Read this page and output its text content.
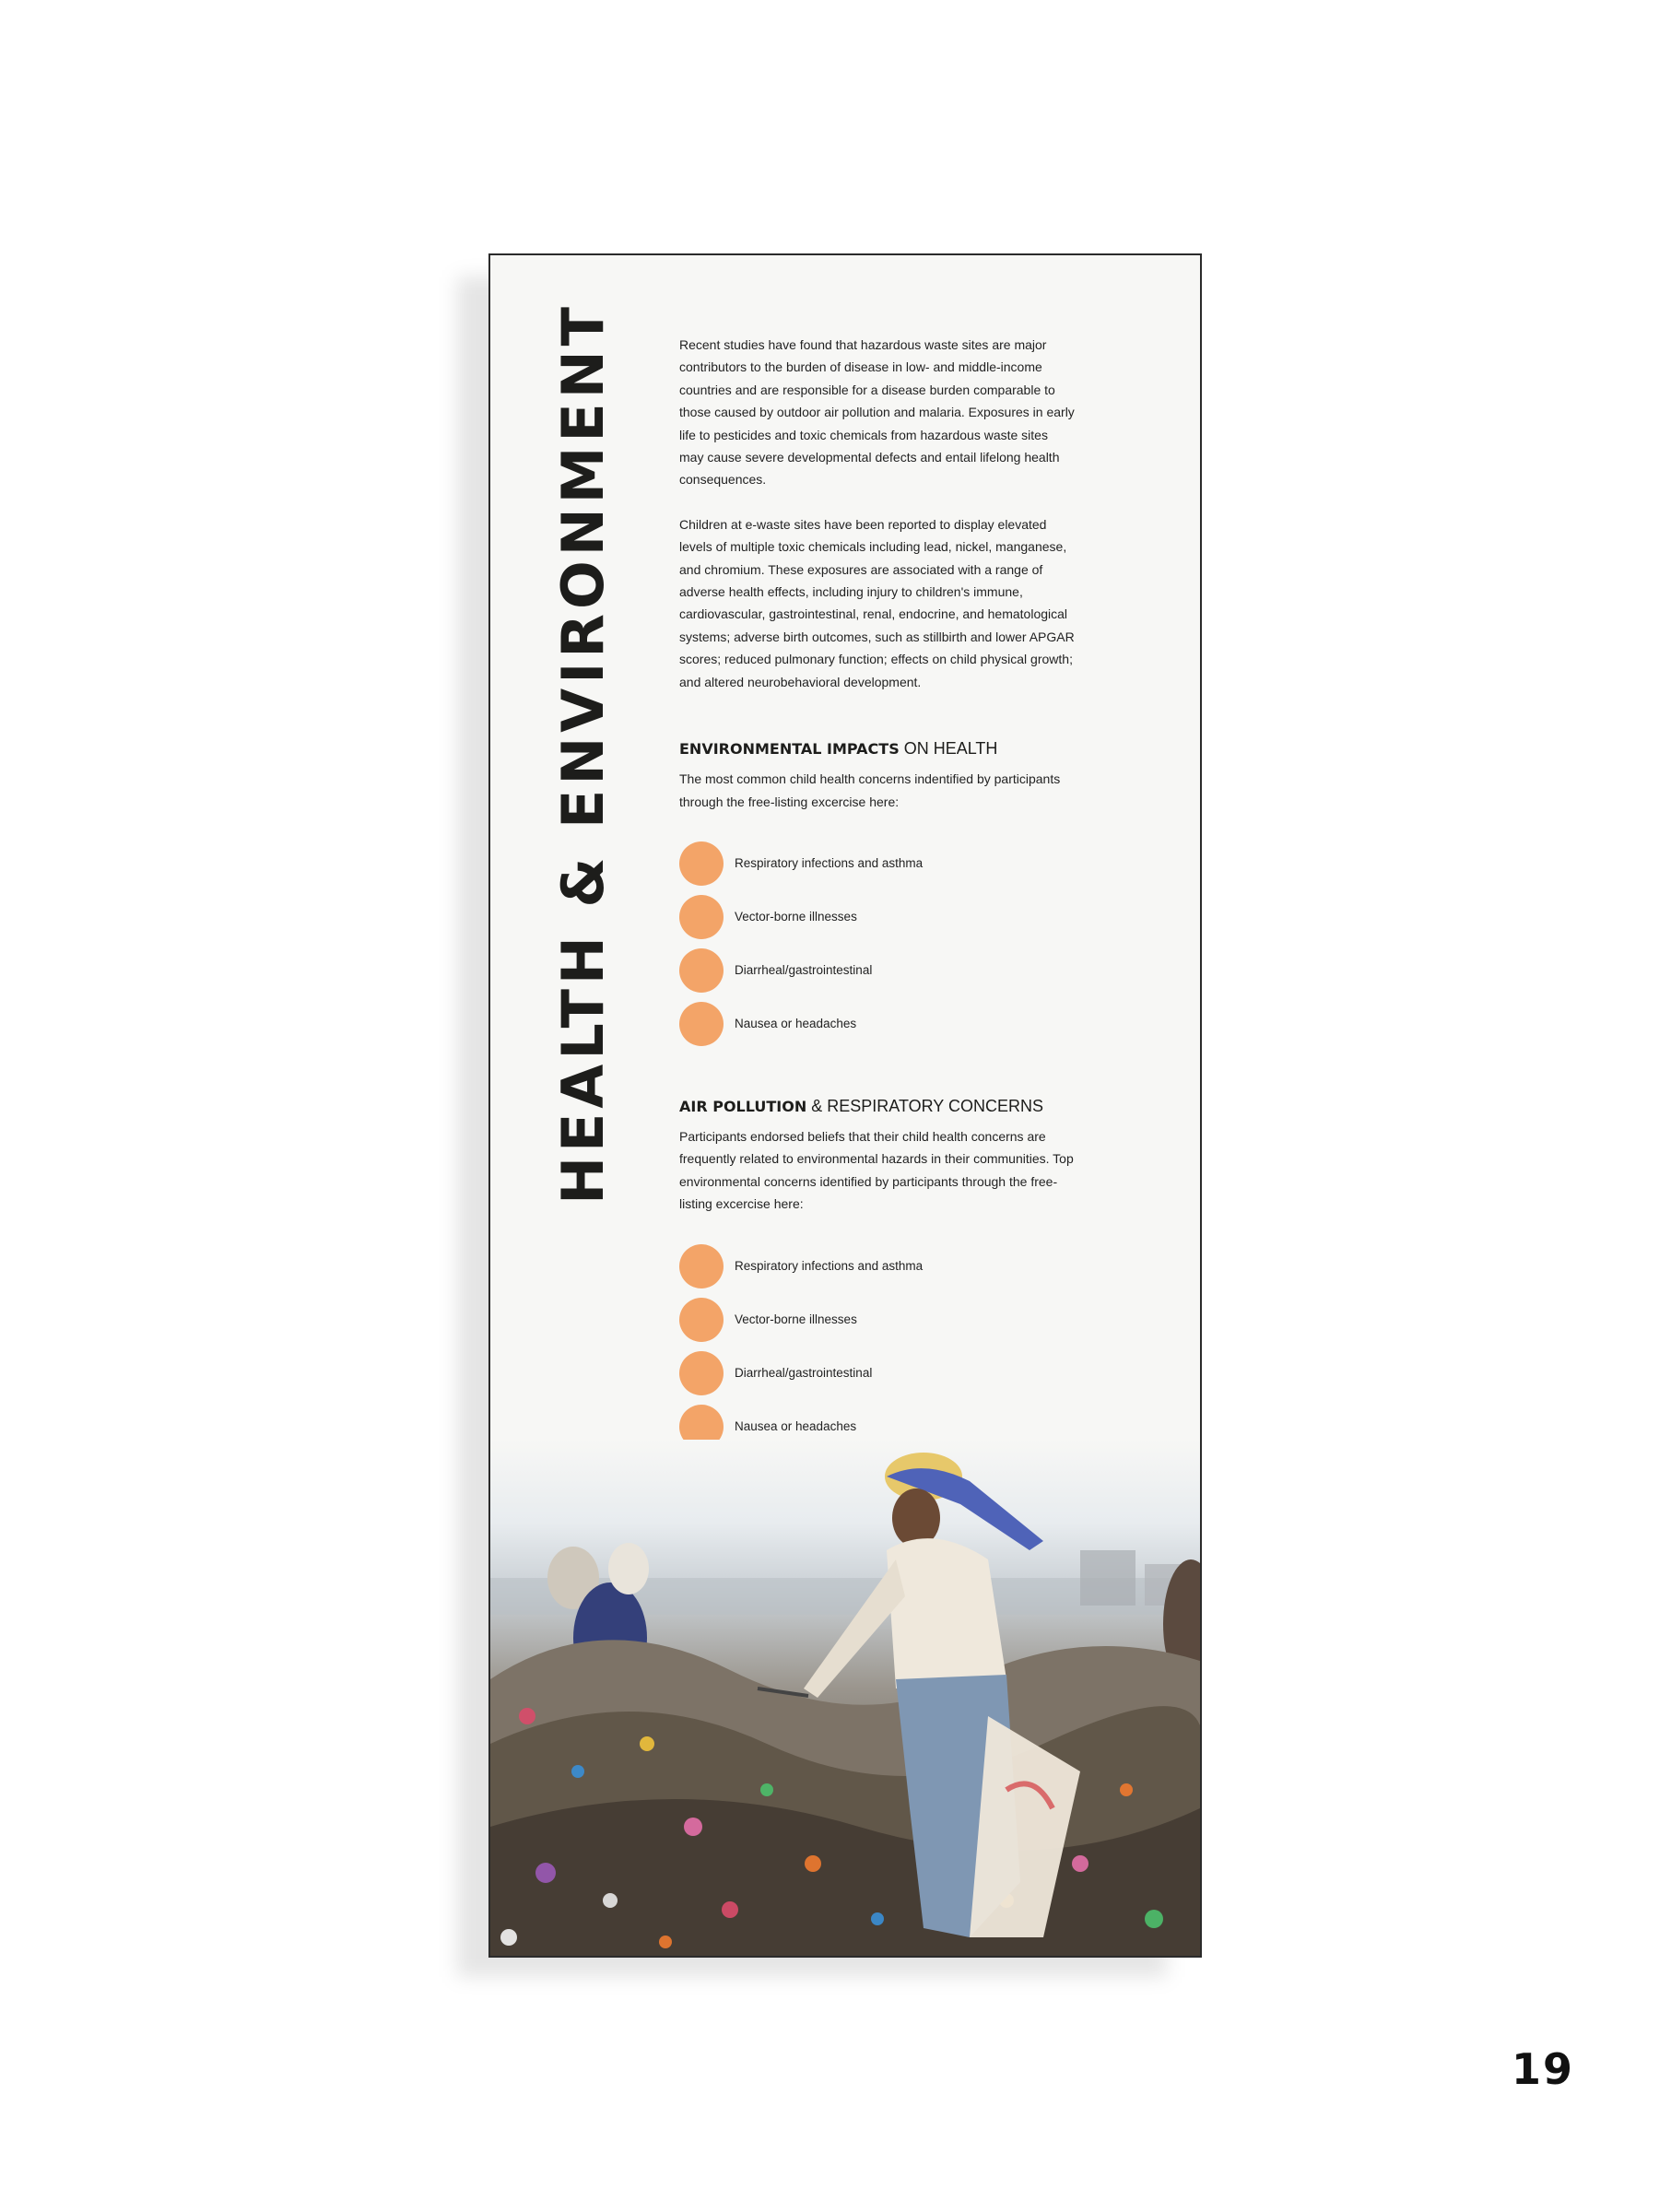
HEALTH & ENVIRONMENT	Recent studies have found that hazardous waste sites are major contributors to the burden of disease in low- and middle-income countries and are responsible for a disease burden comparable to those caused by outdoor air pollution and malaria. Exposures in early life to pesticides and toxic chemicals from hazardous waste sites may cause severe developmental defects and entail lifelong health consequences.

Children at e-waste sites have been reported to display elevated levels of multiple toxic chemicals including lead, nickel, manganese, and chromium. These exposures are associated with a range of adverse health effects, including injury to children's immune, cardiovascular, gastrointestinal, renal, endocrine, and hematological systems; adverse birth outcomes, such as stillbirth and lower APGAR scores; reduced pulmonary function; effects on child physical growth; and altered neurobehavioral development.

ENVIRONMENTAL IMPACTS ON HEALTH

The most common child health concerns indentified by participants through the free-listing excercise here:

Respiratory infections and asthma
Vector-borne illnesses
Diarrheal/gastrointestinal
Nausea or headaches
AIR POLLUTION & RESPIRATORY CONCERNS

Participants endorsed beliefs that their child health concerns are frequently related to environmental hazards in their communities. Top environmental concerns identified by participants through the free-listing excercise here:

Respiratory infections and asthma
Vector-borne illnesses
Diarrheal/gastrointestinal
Nausea or headaches
19
